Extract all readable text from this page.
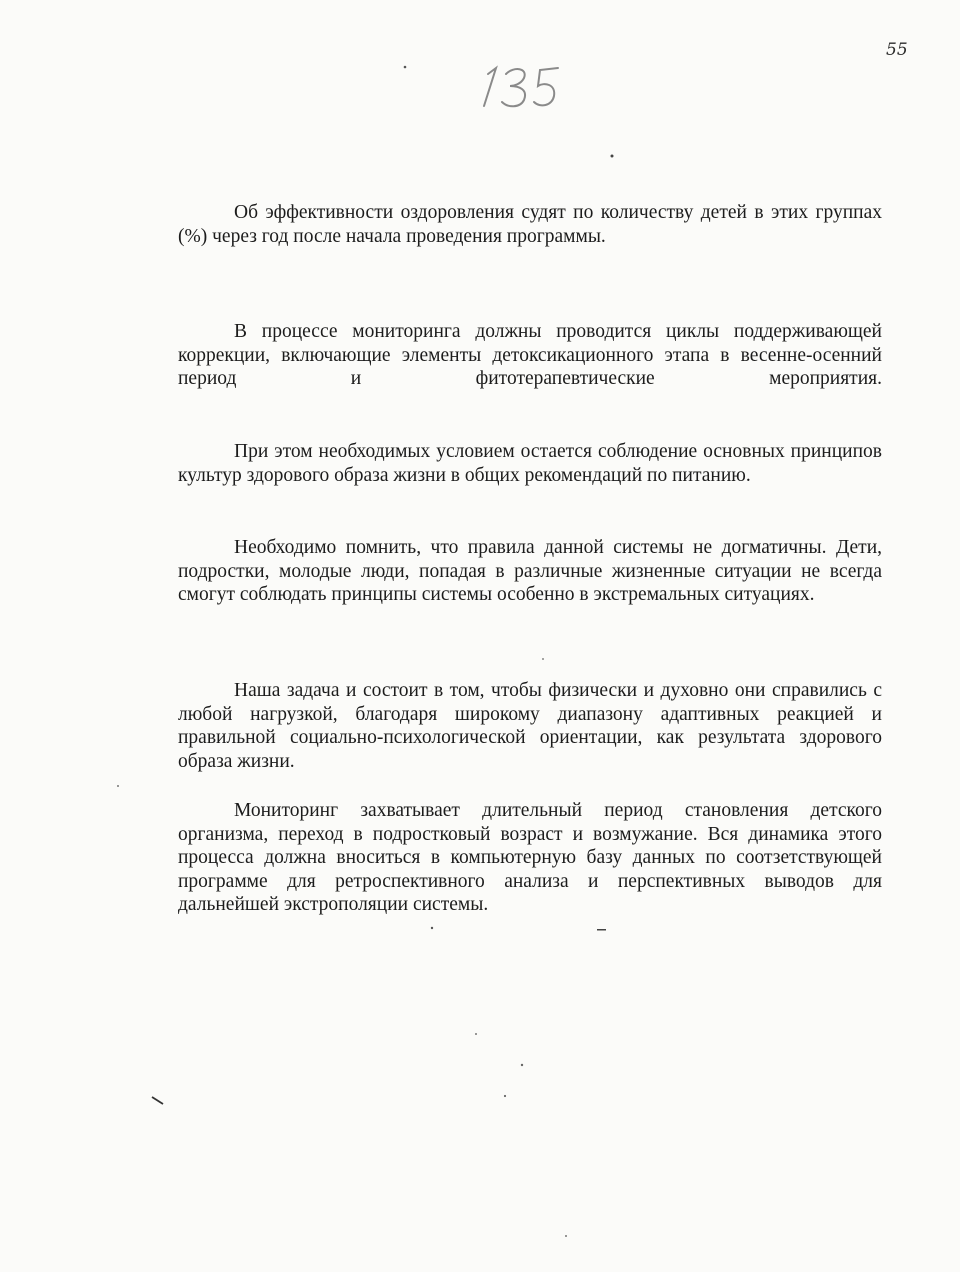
55

Об эффективности оздоровления судят по количеству детей в этих группах (%) через год после начала проведения программы.

В процессе мониторинга должны проводится циклы поддерживающей коррекции, включающие элементы детоксикационного этапа в весенне-осенний период и фитотерапевтические мероприятия.

При этом необходимых условием остается соблюдение основных принципов культур здорового образа жизни в общих рекомендаций по питанию.

Необходимо помнить, что правила данной системы не догматичны. Дети, подростки, молодые люди, попадая в различные жизненные ситуации не всегда смогут соблюдать принципы системы особенно в экстремальных ситуациях.

Наша задача и состоит в том, чтобы физически и духовно они справились с любой нагрузкой, благодаря широкому диапазону адаптивных реакцией и правильной социально-психологической ориентации, как результата здорового образа жизни.

Мониторинг захватывает длительный период становления детского организма, переход в подростковый возраст и возмужание. Вся динамика этого процесса должна вноситься в компьютерную базу данных по соотзетствующей программе для ретроспективного анализа и перспективных выводов для дальнейшей экстрополяции системы.
